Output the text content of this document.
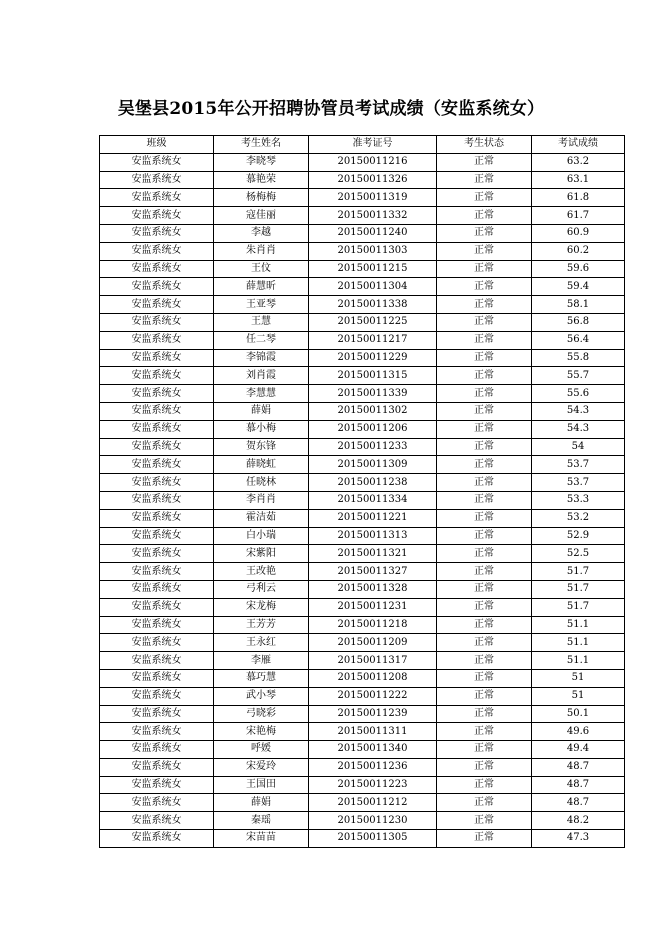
吴堡县2015年公开招聘协管员考试成绩（安监系统女）
班级	考生姓名	准考证号	考生状态	考试成绩
安监系统女	李晓琴	20150011216	正常	63.2
安监系统女	慕艳荣	20150011326	正常	63.1
安监系统女	杨梅梅	20150011319	正常	61.8
安监系统女	寇佳丽	20150011332	正常	61.7
安监系统女	李越	20150011240	正常	60.9
安监系统女	朱肖肖	20150011303	正常	60.2
安监系统女	王伩	20150011215	正常	59.6
安监系统女	薛慧昕	20150011304	正常	59.4
安监系统女	王亚琴	20150011338	正常	58.1
安监系统女	王慧	20150011225	正常	56.8
安监系统女	任二琴	20150011217	正常	56.4
安监系统女	李锦霞	20150011229	正常	55.8
安监系统女	刘肖霞	20150011315	正常	55.7
安监系统女	李慧慧	20150011339	正常	55.6
安监系统女	薛娟	20150011302	正常	54.3
安监系统女	慕小梅	20150011206	正常	54.3
安监系统女	贺东锋	20150011233	正常	54
安监系统女	薛晓虹	20150011309	正常	53.7
安监系统女	任晓林	20150011238	正常	53.7
安监系统女	李肖肖	20150011334	正常	53.3
安监系统女	霍洁茹	20150011221	正常	53.2
安监系统女	白小瑞	20150011313	正常	52.9
安监系统女	宋紫阳	20150011321	正常	52.5
安监系统女	王改艳	20150011327	正常	51.7
安监系统女	弓利云	20150011328	正常	51.7
安监系统女	宋龙梅	20150011231	正常	51.7
安监系统女	王芳芳	20150011218	正常	51.1
安监系统女	王永红	20150011209	正常	51.1
安监系统女	李雁	20150011317	正常	51.1
安监系统女	慕巧慧	20150011208	正常	51
安监系统女	武小琴	20150011222	正常	51
安监系统女	弓晓彩	20150011239	正常	50.1
安监系统女	宋艳梅	20150011311	正常	49.6
安监系统女	呼媛	20150011340	正常	49.4
安监系统女	宋爱玲	20150011236	正常	48.7
安监系统女	王国田	20150011223	正常	48.7
安监系统女	薛娟	20150011212	正常	48.7
安监系统女	秦瑶	20150011230	正常	48.2
安监系统女	宋苗苗	20150011305	正常	47.3
